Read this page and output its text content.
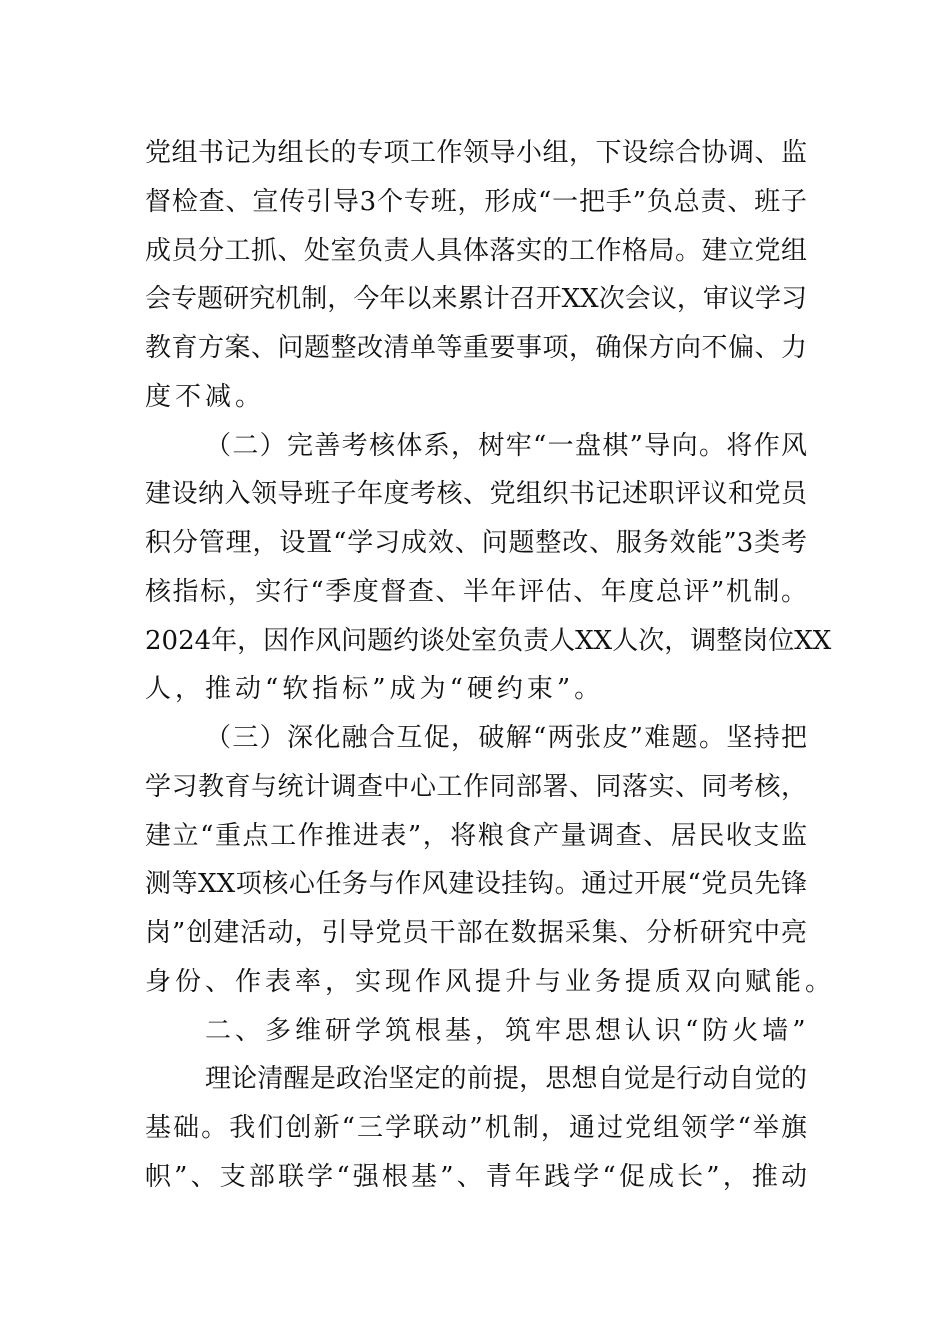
党组书记为组长的专项工作领导小组，下设综合协调、监
督检查、宣传引导3个专班，形成“一把手”负总责、班子
成员分工抓、处室负责人具体落实的工作格局。建立党组
会专题研究机制，今年以来累计召开XX次会议，审议学习
教育方案、问题整改清单等重要事项，确保方向不偏、力
度不减。
（二）完善考核体系，树牢“一盘棋”导向。将作风
建设纳入领导班子年度考核、党组织书记述职评议和党员
积分管理，设置“学习成效、问题整改、服务效能”3类考
核指标，实行“季度督查、半年评估、年度总评”机制。
2024年，因作风问题约谈处室负责人XX人次，调整岗位XX
人，推动“软指标”成为“硬约束”。
（三）深化融合互促，破解“两张皮”难题。坚持把
学习教育与统计调查中心工作同部署、同落实、同考核，
建立“重点工作推进表”，将粮食产量调查、居民收支监
测等XX项核心任务与作风建设挂钩。通过开展“党员先锋
岗”创建活动，引导党员干部在数据采集、分析研究中亮
身份、作表率，实现作风提升与业务提质双向赋能。
二、多维研学筑根基，筑牢思想认识“防火墙”
理论清醒是政治坚定的前提，思想自觉是行动自觉的
基础。我们创新“三学联动”机制，通过党组领学“举旗
帜”、支部联学“强根基”、青年践学“促成长”，推动
